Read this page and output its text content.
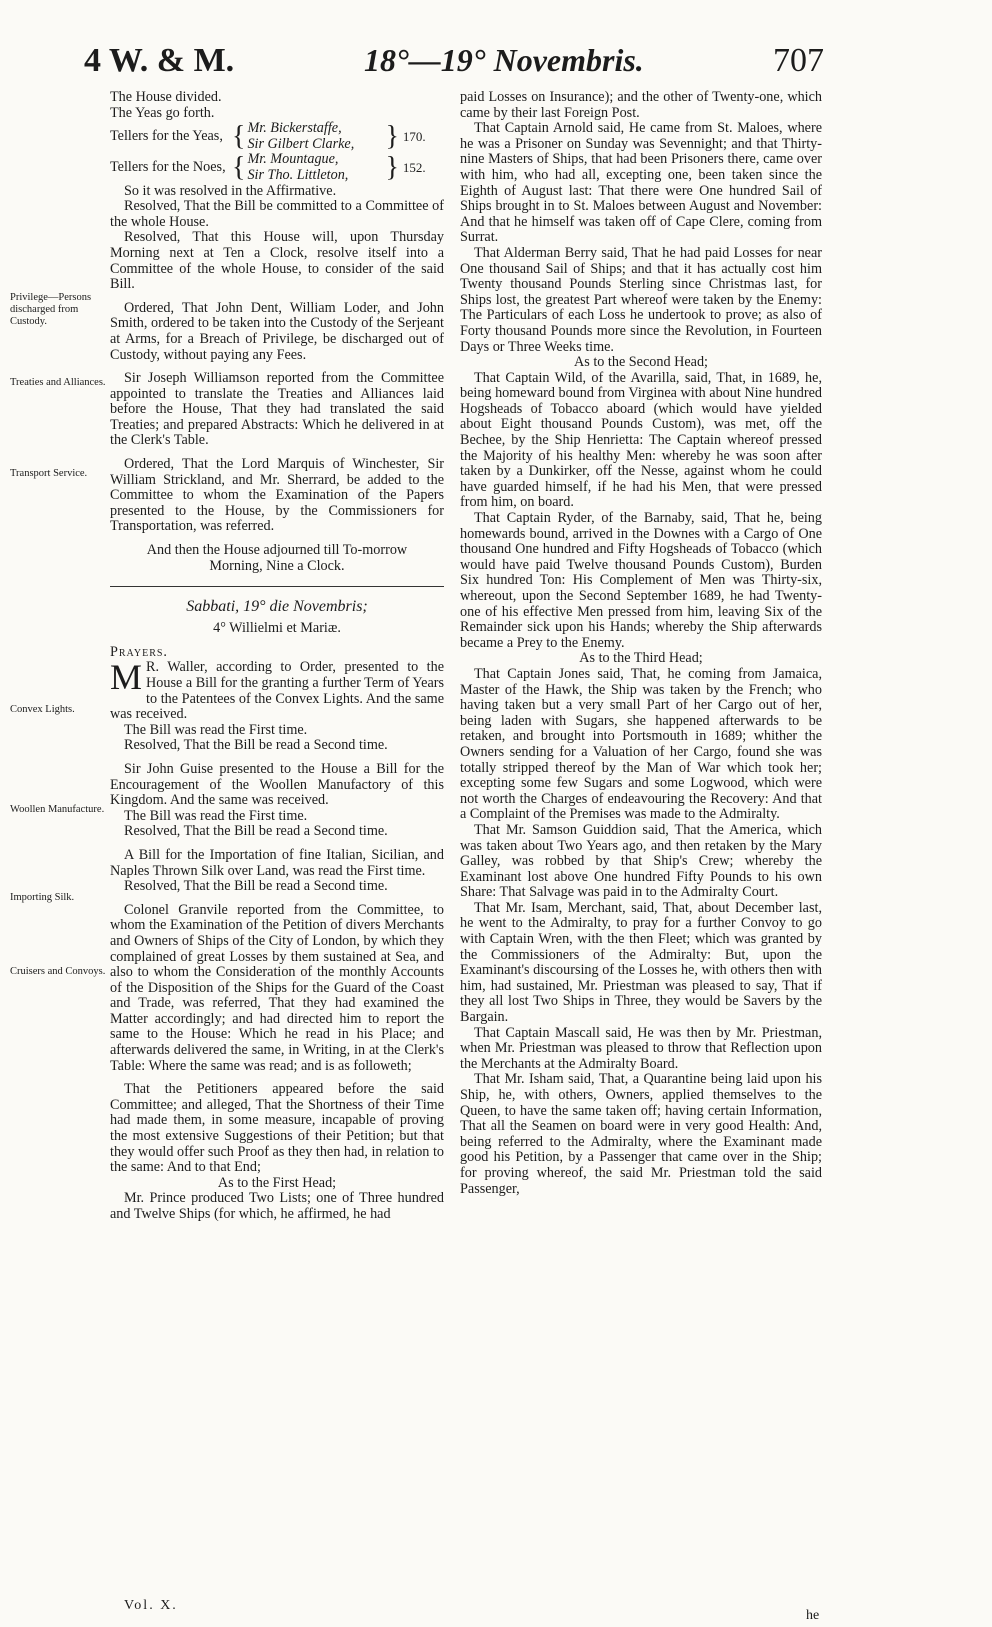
4 W. & M.	18°—19° Novembris.	707
Privilege—Persons discharged from Custody.
Treaties and Alliances.
Transport Service.
Convex Lights.
Woollen Manufacture.
Importing Silk.
Cruisers and Convoys.

The House divided.

The Yeas go forth.

Tellers for the Yeas, { Mr. Bickerstaffe,
Sir Gilbert Clarke,	} 170.
Tellers for the Noes, { Mr. Mountague,
Sir Tho. Littleton,	} 152.

So it was resolved in the Affirmative.

Resolved, That the Bill be committed to a Committee of the whole House.

Resolved, That this House will, upon Thursday Morning next at Ten a Clock, resolve itself into a Committee of the whole House, to consider of the said Bill.

Ordered, That John Dent, William Loder, and John Smith, ordered to be taken into the Custody of the Serjeant at Arms, for a Breach of Privilege, be discharged out of Custody, without paying any Fees.

Sir Joseph Williamson reported from the Committee appointed to translate the Treaties and Alliances laid before the House, That they had translated the said Treaties; and prepared Abstracts: Which he delivered in at the Clerk's Table.

Ordered, That the Lord Marquis of Winchester, Sir William Strickland, and Mr. Sherrard, be added to the Committee to whom the Examination of the Papers presented to the House, by the Commissioners for Transportation, was referred.

And then the House adjourned till To-morrow Morning, Nine a Clock.

Sabbati, 19° die Novembris;

4° Willielmi et Mariæ.

Prayers.

M R. Waller, according to Order, presented to the House a Bill for the granting a further Term of Years to the Patentees of the Convex Lights. And the same was received.

The Bill was read the First time.

Resolved, That the Bill be read a Second time.

Sir John Guise presented to the House a Bill for the Encouragement of the Woollen Manufactory of this Kingdom. And the same was received.

The Bill was read the First time.

Resolved, That the Bill be read a Second time.

A Bill for the Importation of fine Italian, Sicilian, and Naples Thrown Silk over Land, was read the First time.

Resolved, That the Bill be read a Second time.

Colonel Granvile reported from the Committee, to whom the Examination of the Petition of divers Merchants and Owners of Ships of the City of London, by which they complained of great Losses by them sustained at Sea, and also to whom the Consideration of the monthly Accounts of the Disposition of the Ships for the Guard of the Coast and Trade, was referred, That they had examined the Matter accordingly; and had directed him to report the same to the House: Which he read in his Place; and afterwards delivered the same, in Writing, in at the Clerk's Table: Where the same was read; and is as followeth;

That the Petitioners appeared before the said Committee; and alleged, That the Shortness of their Time had made them, in some measure, incapable of proving the most extensive Suggestions of their Petition; but that they would offer such Proof as they then had, in relation to the same: And to that End;

As to the First Head;

Mr. Prince produced Two Lists; one of Three hundred and Twelve Ships (for which, he affirmed, he had

paid Losses on Insurance); and the other of Twenty-one, which came by their last Foreign Post.

That Captain Arnold said, He came from St. Maloes, where he was a Prisoner on Sunday was Sevennight; and that Thirty-nine Masters of Ships, that had been Prisoners there, came over with him, who had all, excepting one, been taken since the Eighth of August last: That there were One hundred Sail of Ships brought in to St. Maloes between August and November: And that he himself was taken off of Cape Clere, coming from Surrat.

That Alderman Berry said, That he had paid Losses for near One thousand Sail of Ships; and that it has actually cost him Twenty thousand Pounds Sterling since Christmas last, for Ships lost, the greatest Part whereof were taken by the Enemy: The Particulars of each Loss he undertook to prove; as also of Forty thousand Pounds more since the Revolution, in Fourteen Days or Three Weeks time.

As to the Second Head;

That Captain Wild, of the Avarilla, said, That, in 1689, he, being homeward bound from Virginea with about Nine hundred Hogsheads of Tobacco aboard (which would have yielded about Eight thousand Pounds Custom), was met, off the Bechee, by the Ship Henrietta: The Captain whereof pressed the Majority of his healthy Men: whereby he was soon after taken by a Dunkirker, off the Nesse, against whom he could have guarded himself, if he had his Men, that were pressed from him, on board.

That Captain Ryder, of the Barnaby, said, That he, being homewards bound, arrived in the Downes with a Cargo of One thousand One hundred and Fifty Hogsheads of Tobacco (which would have paid Twelve thousand Pounds Custom), Burden Six hundred Ton: His Complement of Men was Thirty-six, whereout, upon the Second September 1689, he had Twenty-one of his effective Men pressed from him, leaving Six of the Remainder sick upon his Hands; whereby the Ship afterwards became a Prey to the Enemy.

As to the Third Head;

That Captain Jones said, That, he coming from Jamaica, Master of the Hawk, the Ship was taken by the French; who having taken but a very small Part of her Cargo out of her, being laden with Sugars, she happened afterwards to be retaken, and brought into Portsmouth in 1689; whither the Owners sending for a Valuation of her Cargo, found she was totally stripped thereof by the Man of War which took her; excepting some few Sugars and some Logwood, which were not worth the Charges of endeavouring the Recovery: And that a Complaint of the Premises was made to the Admiralty.

That Mr. Samson Guiddion said, That the America, which was taken about Two Years ago, and then retaken by the Mary Galley, was robbed by that Ship's Crew; whereby the Examinant lost above One hundred Fifty Pounds to his own Share: That Salvage was paid in to the Admiralty Court.

That Mr. Isam, Merchant, said, That, about December last, he went to the Admiralty, to pray for a further Convoy to go with Captain Wren, with the then Fleet; which was granted by the Commissioners of the Admiralty: But, upon the Examinant's discoursing of the Losses he, with others then with him, had sustained, Mr. Priestman was pleased to say, That if they all lost Two Ships in Three, they would be Savers by the Bargain.

That Captain Mascall said, He was then by Mr. Priestman, when Mr. Priestman was pleased to throw that Reflection upon the Merchants at the Admiralty Board.

That Mr. Isham said, That, a Quarantine being laid upon his Ship, he, with others, Owners, applied themselves to the Queen, to have the same taken off; having certain Information, That all the Seamen on board were in very good Health: And, being referred to the Admiralty, where the Examinant made good his Petition, by a Passenger that came over in the Ship; for proving whereof, the said Mr. Priestman told the said Passenger,

Vol. X.
he
